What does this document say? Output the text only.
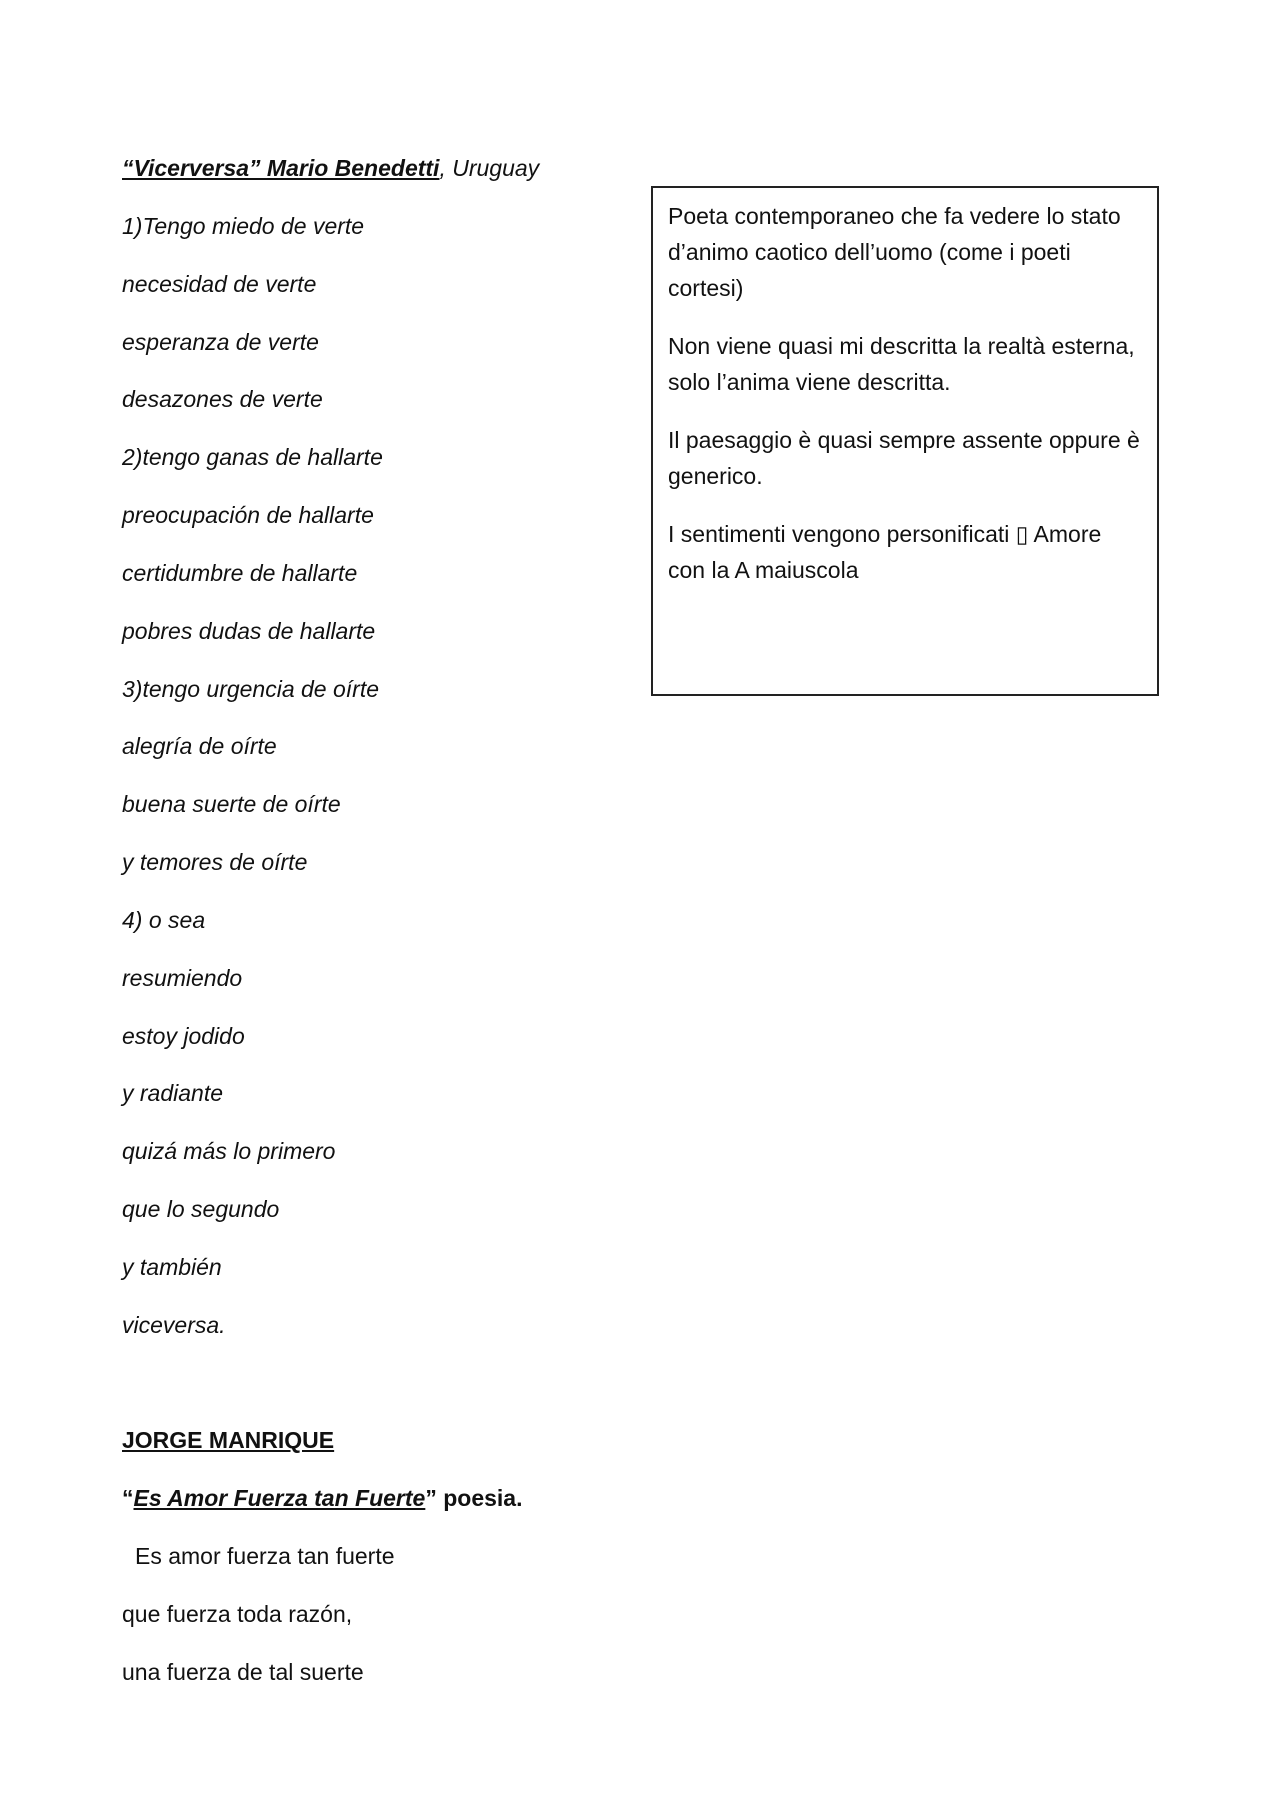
“Vicerversa” Mario Benedetti, Uruguay
1)Tengo miedo de verte
necesidad de verte
esperanza de verte
desazones de verte
2)tengo ganas de hallarte
preocupación de hallarte
certidumbre de hallarte
pobres dudas de hallarte
3)tengo urgencia de oírte
alegría de oírte
buena suerte de oírte
y temores de oírte
4) o sea
resumiendo
estoy jodido
y radiante
quizá más lo primero
que lo segundo
y también
viceversa.

Poeta contemporaneo che fa vedere lo stato d’animo caotico dell’uomo (come i poeti cortesi)

Non viene quasi mi descritta la realtà esterna, solo l’anima viene descritta.

Il paesaggio è quasi sempre assente oppure è generico.

I sentimenti vengono personificati ▯ Amore con la A maiuscola

JORGE MANRIQUE
“Es Amor Fuerza tan Fuerte” poesia.
Es amor fuerza tan fuerte
que fuerza toda razón,
una fuerza de tal suerte
